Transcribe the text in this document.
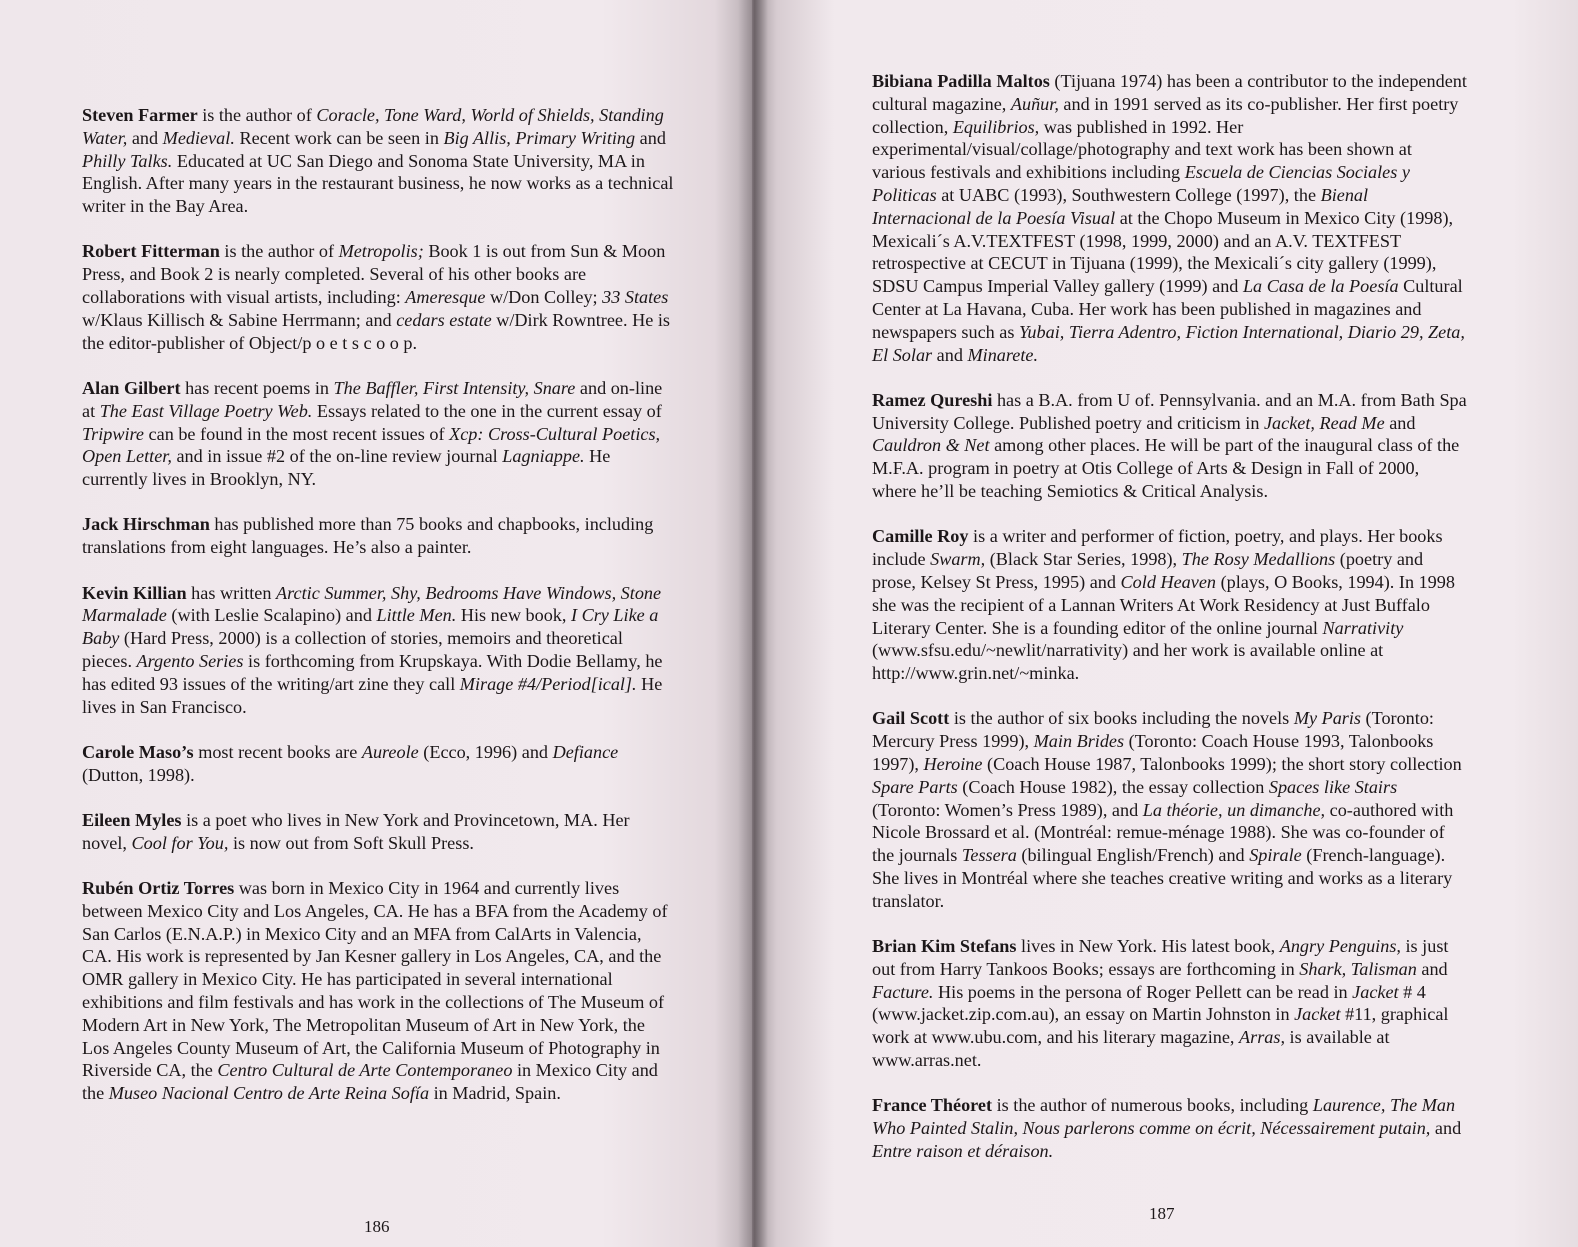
Steven Farmer is the author of Coracle, Tone Ward, World of Shields, Standing Water, and Medieval. Recent work can be seen in Big Allis, Primary Writing and Philly Talks. Educated at UC San Diego and Sonoma State University, MA in English. After many years in the restaurant business, he now works as a technical writer in the Bay Area.

Robert Fitterman is the author of Metropolis; Book 1 is out from Sun & Moon Press, and Book 2 is nearly completed. Several of his other books are collaborations with visual artists, including: Ameresque w/Don Colley; 33 States w/Klaus Killisch & Sabine Herrmann; and cedars estate w/Dirk Rowntree. He is the editor-publisher of Object/p o e t s c o o p.

Alan Gilbert has recent poems in The Baffler, First Intensity, Snare and on-line at The East Village Poetry Web. Essays related to the one in the current essay of Tripwire can be found in the most recent issues of Xcp: Cross-Cultural Poetics, Open Letter, and in issue #2 of the on-line review journal Lagniappe. He currently lives in Brooklyn, NY.

Jack Hirschman has published more than 75 books and chapbooks, including translations from eight languages. He’s also a painter.

Kevin Killian has written Arctic Summer, Shy, Bedrooms Have Windows, Stone Marmalade (with Leslie Scalapino) and Little Men. His new book, I Cry Like a Baby (Hard Press, 2000) is a collection of stories, memoirs and theoretical pieces. Argento Series is forthcoming from Krupskaya. With Dodie Bellamy, he has edited 93 issues of the writing/art zine they call Mirage #4/Period[ical]. He lives in San Francisco.

Carole Maso’s most recent books are Aureole (Ecco, 1996) and Defiance (Dutton, 1998).

Eileen Myles is a poet who lives in New York and Provincetown, MA. Her novel, Cool for You, is now out from Soft Skull Press.

Rubén Ortiz Torres was born in Mexico City in 1964 and currently lives between Mexico City and Los Angeles, CA. He has a BFA from the Academy of San Carlos (E.N.A.P.) in Mexico City and an MFA from CalArts in Valencia, CA. His work is represented by Jan Kesner gallery in Los Angeles, CA, and the OMR gallery in Mexico City. He has participated in several international exhibitions and film festivals and has work in the collections of The Museum of Modern Art in New York, The Metropolitan Museum of Art in New York, the Los Angeles County Museum of Art, the California Museum of Photography in Riverside CA, the Centro Cultural de Arte Contemporaneo in Mexico City and the Museo Nacional Centro de Arte Reina Sofía in Madrid, Spain.

186

Bibiana Padilla Maltos (Tijuana 1974) has been a contributor to the independent cultural magazine, Auñur, and in 1991 served as its co-publisher. Her first poetry collection, Equilibrios, was published in 1992. Her experimental/visual/collage/photography and text work has been shown at various festivals and exhibitions including Escuela de Ciencias Sociales y Politicas at UABC (1993), Southwestern College (1997), the Bienal Internacional de la Poesía Visual at the Chopo Museum in Mexico City (1998), Mexicali´s A.V.TEXTFEST (1998, 1999, 2000) and an A.V. TEXTFEST retrospective at CECUT in Tijuana (1999), the Mexicali´s city gallery (1999), SDSU Campus Imperial Valley gallery (1999) and La Casa de la Poesía Cultural Center at La Havana, Cuba. Her work has been published in magazines and newspapers such as Yubai, Tierra Adentro, Fiction International, Diario 29, Zeta, El Solar and Minarete.

Ramez Qureshi has a B.A. from U of. Pennsylvania. and an M.A. from Bath Spa University College. Published poetry and criticism in Jacket, Read Me and Cauldron & Net among other places. He will be part of the inaugural class of the M.F.A. program in poetry at Otis College of Arts & Design in Fall of 2000, where he’ll be teaching Semiotics & Critical Analysis.

Camille Roy is a writer and performer of fiction, poetry, and plays. Her books include Swarm, (Black Star Series, 1998), The Rosy Medallions (poetry and prose, Kelsey St Press, 1995) and Cold Heaven (plays, O Books, 1994). In 1998 she was the recipient of a Lannan Writers At Work Residency at Just Buffalo Literary Center. She is a founding editor of the online journal Narrativity (www.sfsu.edu/~newlit/narrativity) and her work is available online at http://www.grin.net/~minka.

Gail Scott is the author of six books including the novels My Paris (Toronto: Mercury Press 1999), Main Brides (Toronto: Coach House 1993, Talonbooks 1997), Heroine (Coach House 1987, Talonbooks 1999); the short story collection Spare Parts (Coach House 1982), the essay collection Spaces like Stairs (Toronto: Women’s Press 1989), and La théorie, un dimanche, co-authored with Nicole Brossard et al. (Montréal: remue-ménage 1988). She was co-founder of the journals Tessera (bilingual English/French) and Spirale (French-language). She lives in Montréal where she teaches creative writing and works as a literary translator.

Brian Kim Stefans lives in New York. His latest book, Angry Penguins, is just out from Harry Tankoos Books; essays are forthcoming in Shark, Talisman and Facture. His poems in the persona of Roger Pellett can be read in Jacket # 4 (www.jacket.zip.com.au), an essay on Martin Johnston in Jacket #11, graphical work at www.ubu.com, and his literary magazine, Arras, is available at www.arras.net.

France Théoret is the author of numerous books, including Laurence, The Man Who Painted Stalin, Nous parlerons comme on écrit, Nécessairement putain, and Entre raison et déraison.

187
